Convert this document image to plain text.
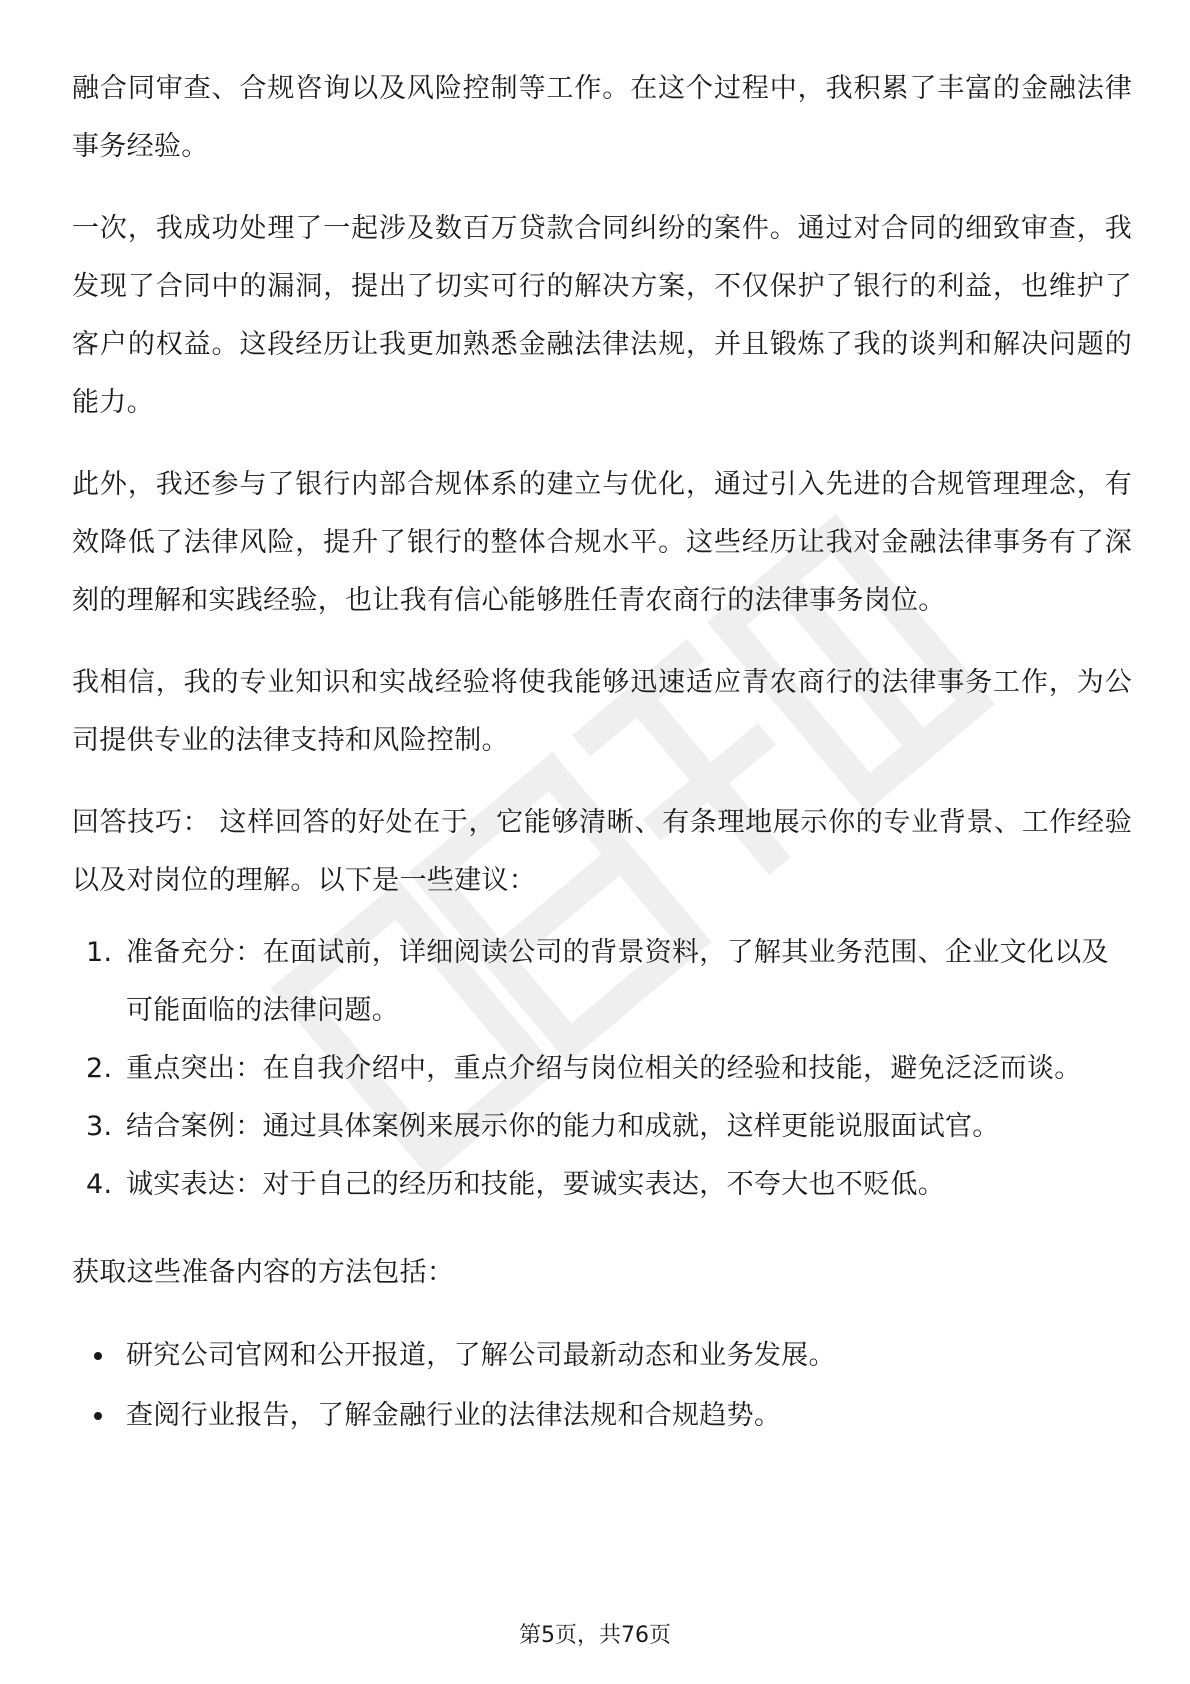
融合同审查、合规咨询以及风险控制等工作。在这个过程中，我积累了丰富的金融法律事务经验。

一次，我成功处理了一起涉及数百万贷款合同纠纷的案件。通过对合同的细致审查，我发现了合同中的漏洞，提出了切实可行的解决方案，不仅保护了银行的利益，也维护了客户的权益。这段经历让我更加熟悉金融法律法规，并且锻炼了我的谈判和解决问题的能力。

此外，我还参与了银行内部合规体系的建立与优化，通过引入先进的合规管理理念，有效降低了法律风险，提升了银行的整体合规水平。这些经历让我对金融法律事务有了深刻的理解和实践经验，也让我有信心能够胜任青农商行的法律事务岗位。

我相信，我的专业知识和实战经验将使我能够迅速适应青农商行的法律事务工作，为公司提供专业的法律支持和风险控制。

回答技巧： 这样回答的好处在于，它能够清晰、有条理地展示你的专业背景、工作经验以及对岗位的理解。以下是一些建议：

1. 准备充分：在面试前，详细阅读公司的背景资料，了解其业务范围、企业文化以及可能面临的法律问题。
2. 重点突出：在自我介绍中，重点介绍与岗位相关的经验和技能，避免泛泛而谈。
3. 结合案例：通过具体案例来展示你的能力和成就，这样更能说服面试官。
4. 诚实表达：对于自己的经历和技能，要诚实表达，不夸大也不贬低。

获取这些准备内容的方法包括：

研究公司官网和公开报道，了解公司最新动态和业务发展。
查阅行业报告，了解金融行业的法律法规和合规趋势。
第5页，共76页
